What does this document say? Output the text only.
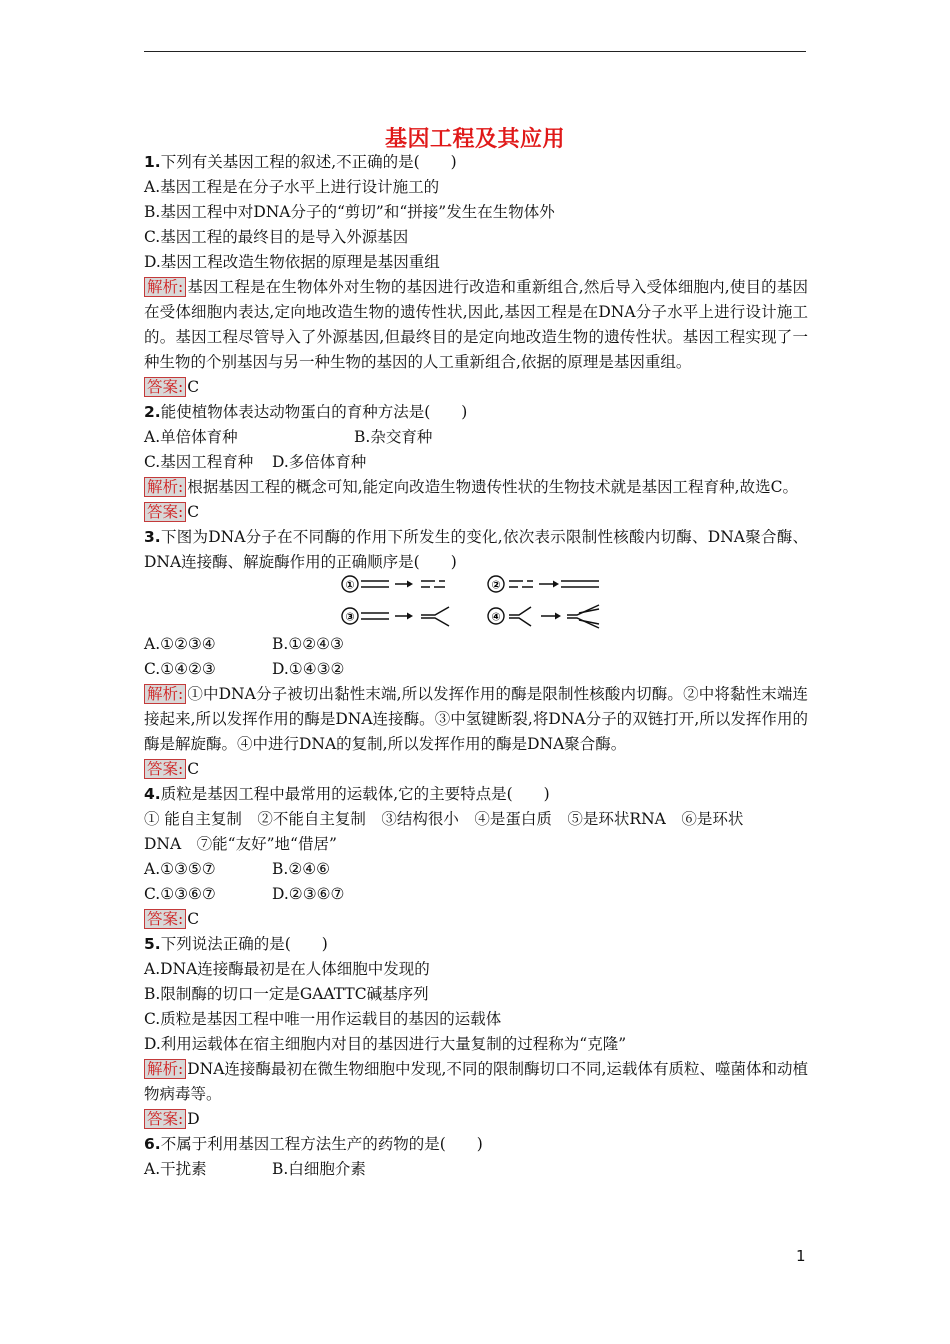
基因工程及其应用
1.下列有关基因工程的叙述,不正确的是(　　)
A.基因工程是在分子水平上进行设计施工的
B.基因工程中对DNA分子的“剪切”和“拼接”发生在生物体外
C.基因工程的最终目的是导入外源基因
D.基因工程改造生物依据的原理是基因重组
解析: 基因工程是在生物体外对生物的基因进行改造和重新组合,然后导入受体细胞内,使目的基因在受体细胞内表达,定向地改造生物的遗传性状,因此,基因工程是在DNA分子水平上进行设计施工的。基因工程尽管导入了外源基因,但最终目的是定向地改造生物的遗传性状。基因工程实现了一种生物的个别基因与另一种生物的基因的人工重新组合,依据的原理是基因重组。
答案: C
2.能使植物体表达动物蛋白的育种方法是(　　)
A.单倍体育种	B.杂交育种
C.基因工程育种 D.多倍体育种
解析: 根据基因工程的概念可知,能定向改造生物遗传性状的生物技术就是基因工程育种,故选C。
答案: C
3.下图为DNA分子在不同酶的作用下所发生的变化,依次表示限制性核酸内切酶、DNA聚合酶、DNA连接酶、解旋酶作用的正确顺序是(　　)
①	②
③	④
A.①②③④	B.①②④③
C.①④②③	D.①④③②
解析: ①中DNA分子被切出黏性末端,所以发挥作用的酶是限制性核酸内切酶。②中将黏性末端连接起来,所以发挥作用的酶是DNA连接酶。③中氢键断裂,将DNA分子的双链打开,所以发挥作用的酶是解旋酶。④中进行DNA的复制,所以发挥作用的酶是DNA聚合酶。
答案: C
4.质粒是基因工程中最常用的运载体,它的主要特点是(　　)
① 能自主复制　②不能自主复制　③结构很小　④是蛋白质　⑤是环状RNA　⑥是环状
DNA　⑦能“友好”地“借居”
A.①③⑤⑦	B.②④⑥
C.①③⑥⑦	D.②③⑥⑦
答案: C
5.下列说法正确的是(　　)
A.DNA连接酶最初是在人体细胞中发现的
B.限制酶的切口一定是GAATTC碱基序列
C.质粒是基因工程中唯一用作运载目的基因的运载体
D.利用运载体在宿主细胞内对目的基因进行大量复制的过程称为“克隆”
解析: DNA连接酶最初在微生物细胞中发现,不同的限制酶切口不同,运载体有质粒、噬菌体和动植物病毒等。
答案: D
6.不属于利用基因工程方法生产的药物的是(　　)
A.干扰素	B.白细胞介素
1
